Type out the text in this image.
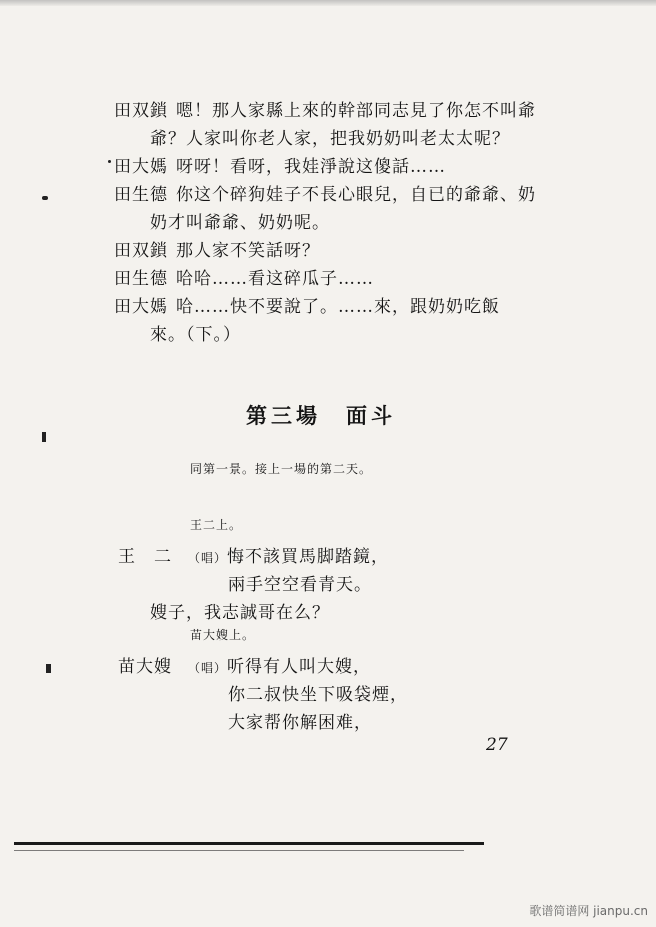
田双鎖 嗯！那人家縣上來的幹部同志見了你怎不叫爺
爺？人家叫你老人家，把我奶奶叫老太太呢？
田大媽 呀呀！看呀，我娃淨說这傻話……
田生德 你这个碎狗娃子不長心眼兒，自已的爺爺、奶
奶才叫爺爺、奶奶呢。
田双鎖 那人家不笑話呀？
田生德 哈哈……看这碎瓜子……
田大媽 哈……快不要說了。……來，跟奶奶吃飯
來。（下。）
第三場　面斗
同第一景。接上一場的第二天。
王二上。
王　二 （唱）悔不該買馬脚踏鏡，
兩手空空看青天。
嫂子，我志誠哥在么？
苗大嫂上。
苗大嫂 （唱）听得有人叫大嫂，
你二叔快坐下吸袋煙，
大家帮你解困难，
27
歌谱简谱网 jianpu.cn
